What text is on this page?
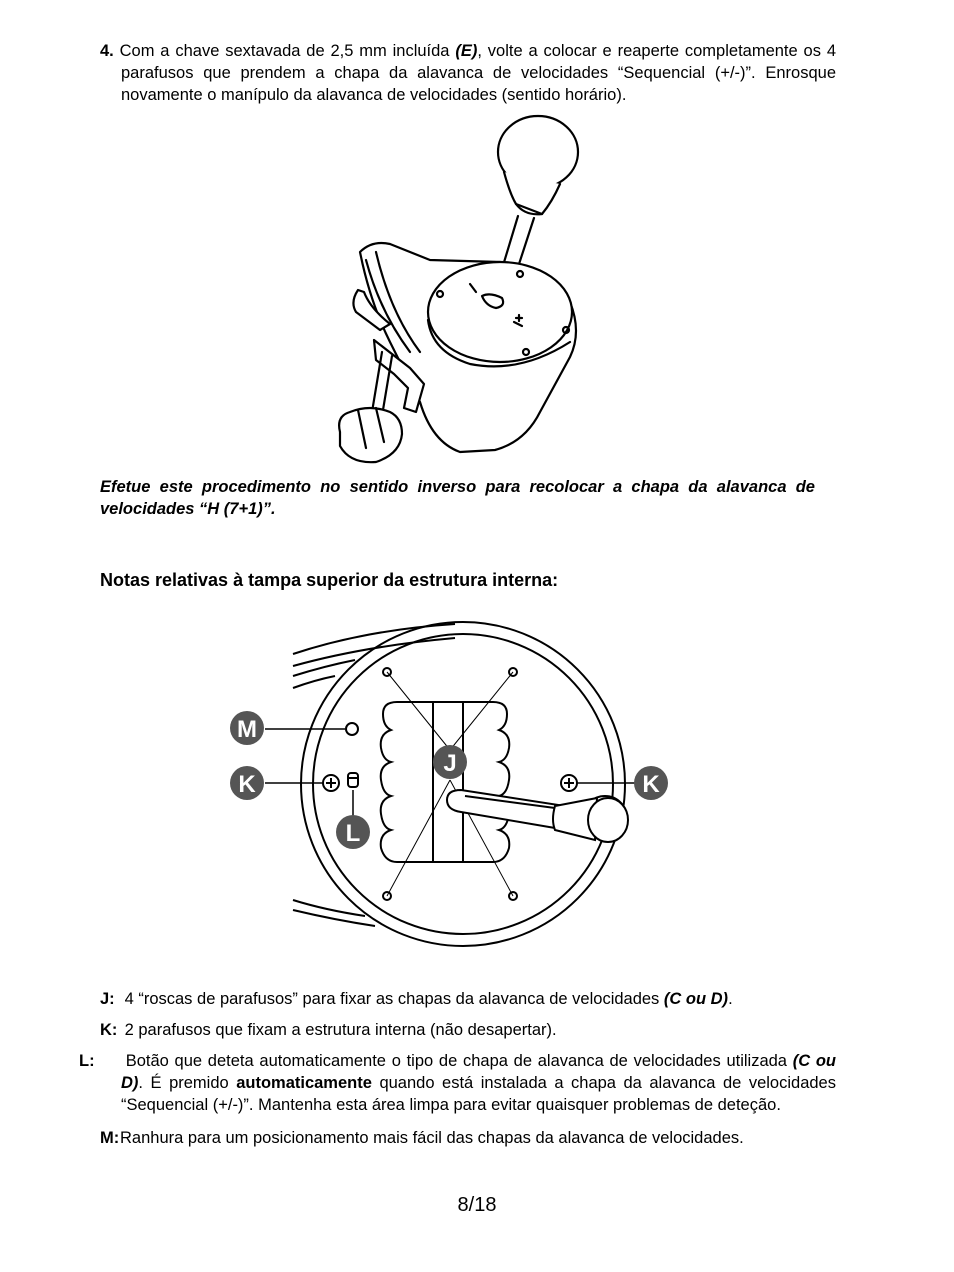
4. Com a chave sextavada de 2,5 mm incluída (E), volte a colocar e reaperte completamente os 4 parafusos que prendem a chapa da alavanca de velocidades “Sequencial (+/-)”. Enrosque novamente o manípulo da alavanca de velocidades (sentido horário).
Efetue este procedimento no sentido inverso para recolocar a chapa da alavanca de velocidades “H (7+1)”.
Notas relativas à tampa superior da estrutura interna:
M
K	K
J
L
J: 4 “roscas de parafusos” para fixar as chapas da alavanca de velocidades (C ou D).
K: 2 parafusos que fixam a estrutura interna (não desapertar).
L: Botão que deteta automaticamente o tipo de chapa de alavanca de velocidades utilizada (C ou D). É premido automaticamente quando está instalada a chapa da alavanca de velocidades “Sequencial (+/-)”. Mantenha esta área limpa para evitar quaisquer problemas de deteção.
M:Ranhura para um posicionamento mais fácil das chapas da alavanca de velocidades.
8/18
